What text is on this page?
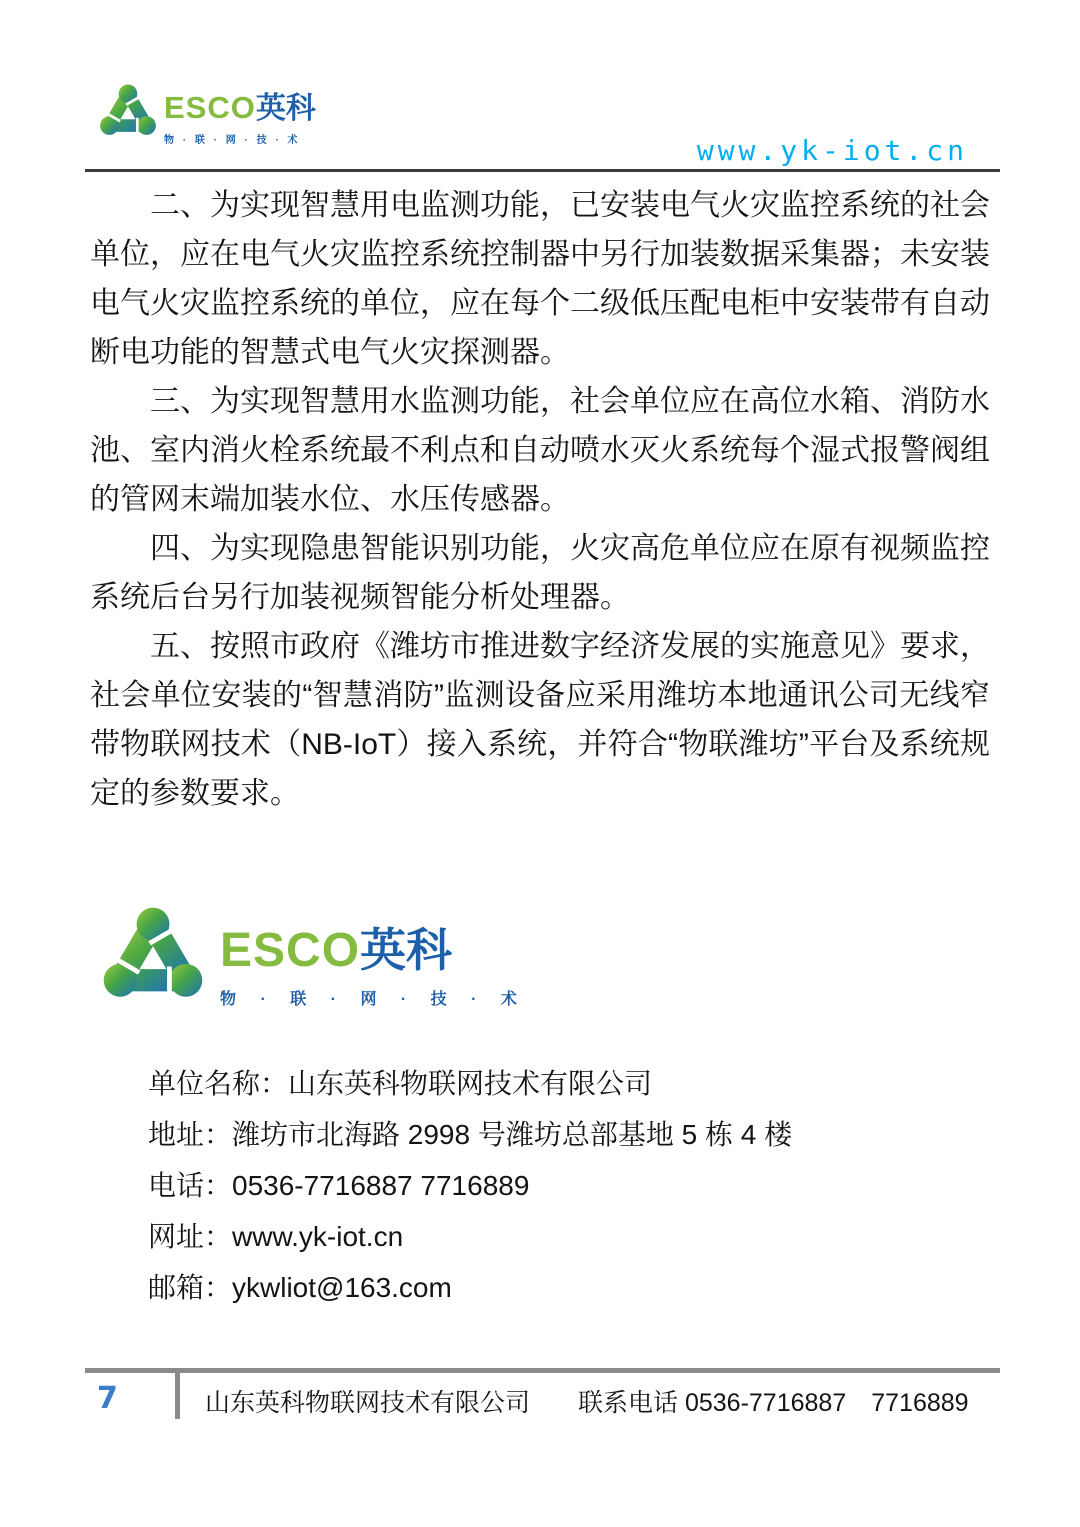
ESCO 英科
物 · 联 · 网 · 技 · 术	www.yk-iot.cn

二、为实现智慧用电监测功能，已安装电气火灾监控系统的社会单位，应在电气火灾监控系统控制器中另行加装数据采集器；未安装电气火灾监控系统的单位，应在每个二级低压配电柜中安装带有自动断电功能的智慧式电气火灾探测器。

三、为实现智慧用水监测功能，社会单位应在高位水箱、消防水池、室内消火栓系统最不利点和自动喷水灭火系统每个湿式报警阀组的管网末端加装水位、水压传感器。

四、为实现隐患智能识别功能，火灾高危单位应在原有视频监控系统后台另行加装视频智能分析处理器。

五、按照市政府《潍坊市推进数字经济发展的实施意见》要求，社会单位安装的“智慧消防”监测设备应采用潍坊本地通讯公司无线窄带物联网技术（NB-IoT）接入系统，并符合“物联潍坊”平台及系统规定的参数要求。

ESCO 英科
物 · 联 · 网 · 技 · 术
单位名称：山东英科物联网技术有限公司
地址：潍坊市北海路 2998 号潍坊总部基地 5 栋 4 楼
电话：0536-7716887 7716889
网址：www.yk-iot.cn
邮箱：ykwliot@163.com
7	山东英科物联网技术有限公司 联系电话 0536-7716887　7716889
